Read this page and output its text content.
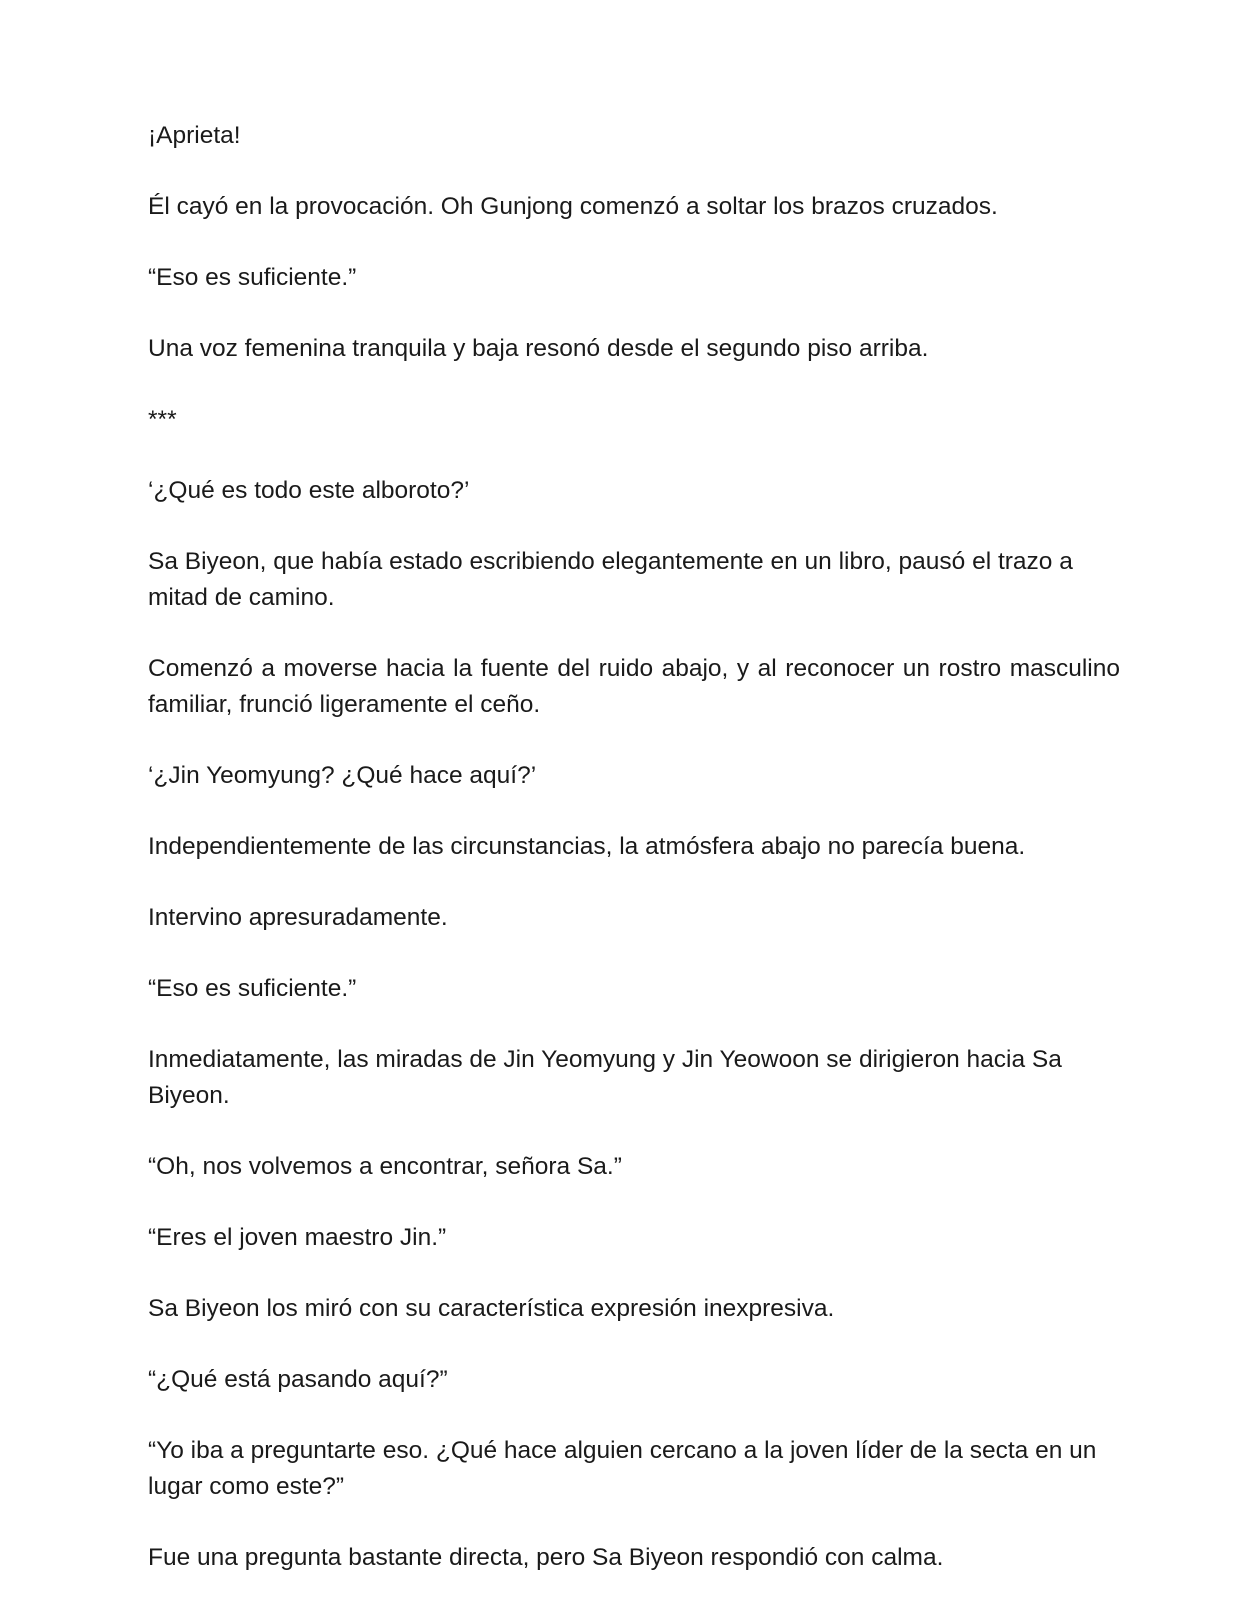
¡Aprieta!

Él cayó en la provocación. Oh Gunjong comenzó a soltar los brazos cruzados.

“Eso es suficiente.”

Una voz femenina tranquila y baja resonó desde el segundo piso arriba.

***

‘¿Qué es todo este alboroto?’

Sa Biyeon, que había estado escribiendo elegantemente en un libro, pausó el trazo a mitad de camino.

Comenzó a moverse hacia la fuente del ruido abajo, y al reconocer un rostro masculino familiar, frunció ligeramente el ceño.

‘¿Jin Yeomyung? ¿Qué hace aquí?’

Independientemente de las circunstancias, la atmósfera abajo no parecía buena.

Intervino apresuradamente.

“Eso es suficiente.”

Inmediatamente, las miradas de Jin Yeomyung y Jin Yeowoon se dirigieron hacia Sa Biyeon.

“Oh, nos volvemos a encontrar, señora Sa.”

“Eres el joven maestro Jin.”

Sa Biyeon los miró con su característica expresión inexpresiva.

“¿Qué está pasando aquí?”

“Yo iba a preguntarte eso. ¿Qué hace alguien cercano a la joven líder de la secta en un lugar como este?”

Fue una pregunta bastante directa, pero Sa Biyeon respondió con calma.
